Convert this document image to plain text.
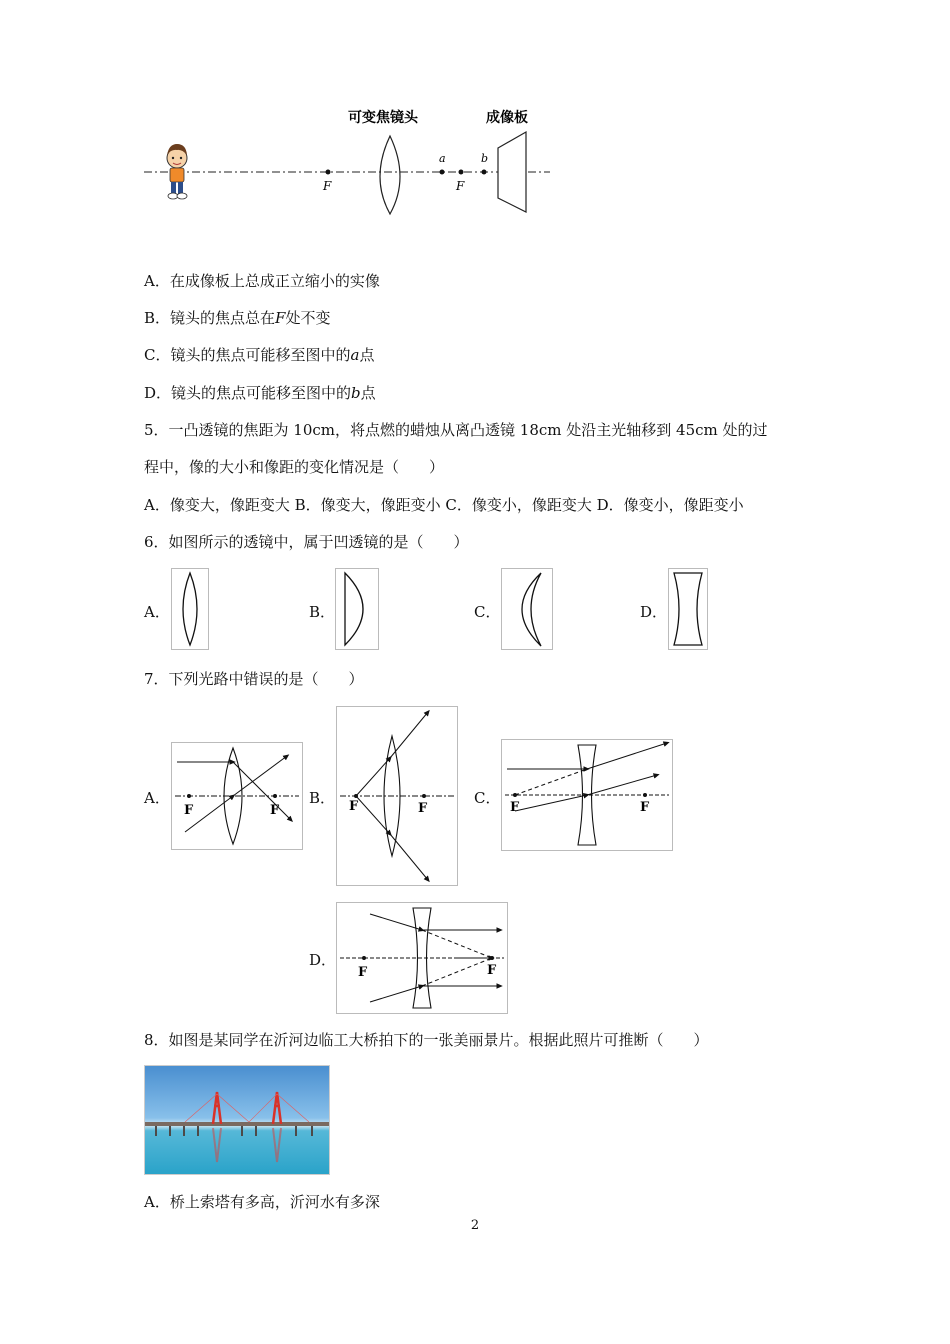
F
可变焦镜头
a
F
b
成像板
A．在成像板上总成正立缩小的实像
B．镜头的焦点总在F处不变
C．镜头的焦点可能移至图中的a点
D．镜头的焦点可能移至图中的b点
5．一凸透镜的焦距为 10cm，将点燃的蜡烛从离凸透镜 18cm 处沿主光轴移到 45cm 处的过
程中，像的大小和像距的变化情况是（　　）
A．像变大，像距变大 B．像变大，像距变小 C．像变小，像距变大 D．像变小，像距变小
6．如图所示的透镜中，属于凹透镜的是（　　）
A．	B．	C．	D．
7．下列光路中错误的是（　　）
A．
F	F
B． F	F
C．
F	F
D．
F	F
8．如图是某同学在沂河边临工大桥拍下的一张美丽景片。根据此照片可推断（　　）
A．桥上索塔有多高，沂河水有多深
2
